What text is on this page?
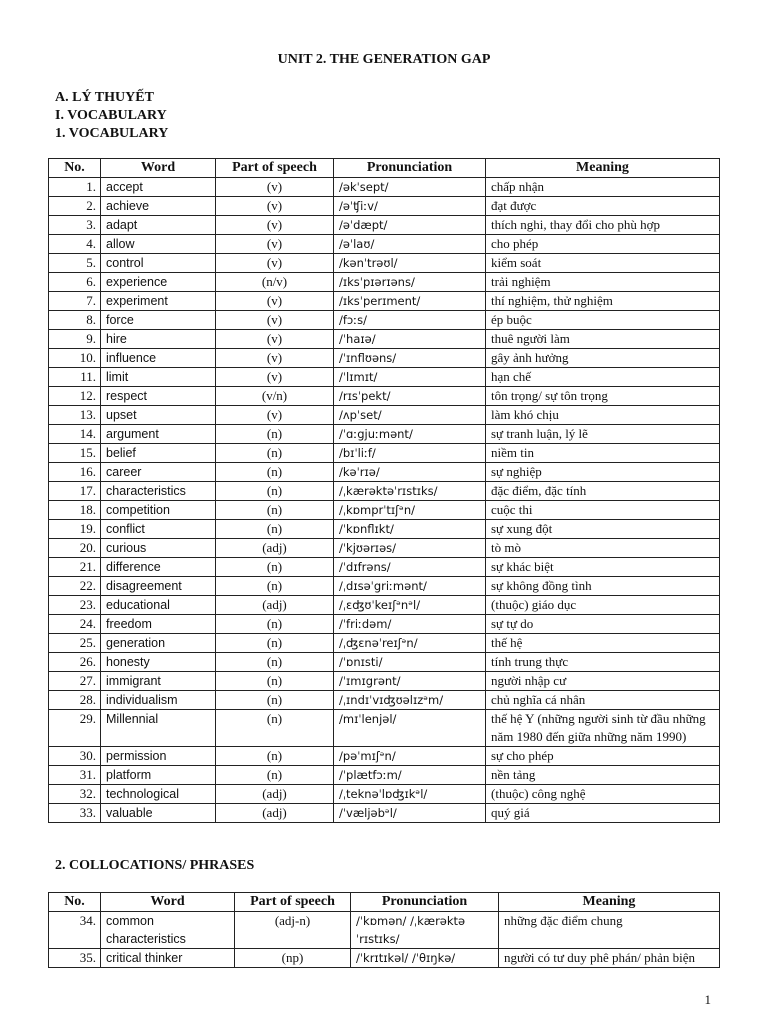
UNIT 2. THE GENERATION GAP
A. LÝ THUYẾT
I. VOCABULARY
1. VOCABULARY
No.	Word	Part of speech	Pronunciation	Meaning
1.	accept	(v)	/əkˈsept/	chấp nhận
2.	achieve	(v)	/əˈʧiːv/	đạt được
3.	adapt	(v)	/əˈdæpt/	thích nghi, thay đổi cho phù hợp
4.	allow	(v)	/əˈlaʊ/	cho phép
5.	control	(v)	/kənˈtrəʊl/	kiểm soát
6.	experience	(n/v)	/ɪksˈpɪərɪəns/	trải nghiệm
7.	experiment	(v)	/ɪksˈperɪment/	thí nghiệm, thử nghiệm
8.	force	(v)	/fɔːs/	ép buộc
9.	hire	(v)	/ˈhaɪə/	thuê người làm
10.	influence	(v)	/ˈɪnflʊəns/	gây ảnh hưởng
11.	limit	(v)	/ˈlɪmɪt/	hạn chế
12.	respect	(v/n)	/rɪsˈpekt/	tôn trọng/ sự tôn trọng
13.	upset	(v)	/ʌpˈset/	làm khó chịu
14.	argument	(n)	/ˈɑːgjuːmənt/	sự tranh luận, lý lẽ
15.	belief	(n)	/bɪˈliːf/	niềm tin
16.	career	(n)	/kəˈrɪə/	sự nghiệp
17.	characteristics	(n)	/ˌkærəktəˈrɪstɪks/	đặc điểm, đặc tính
18.	competition	(n)	/ˌkɒmprˈtɪʃᵊn/	cuộc thi
19.	conflict	(n)	/ˈkɒnflɪkt/	sự xung đột
20.	curious	(adj)	/ˈkjʊərɪəs/	tò mò
21.	difference	(n)	/ˈdɪfrəns/	sự khác biệt
22.	disagreement	(n)	/ˌdɪsəˈgriːmənt/	sự không đồng tình
23.	educational	(adj)	/ˌɛʤʊˈkeɪʃᵊnᵊl/	(thuộc) giáo dục
24.	freedom	(n)	/ˈfriːdəm/	sự tự do
25.	generation	(n)	/ˌʤɛnəˈreɪʃᵊn/	thế hệ
26.	honesty	(n)	/ˈɒnɪsti/	tính trung thực
27.	immigrant	(n)	/ˈɪmɪgrənt/	người nhập cư
28.	individualism	(n)	/ˌɪndɪˈvɪʤʊəlɪzᵊm/	chủ nghĩa cá nhân
29.	Millennial	(n)	/mɪˈlenjəl/	thế hệ Y (những người sinh từ đầu những năm 1980 đến giữa những năm 1990)
30.	permission	(n)	/pəˈmɪʃᵊn/	sự cho phép
31.	platform	(n)	/ˈplætfɔːm/	nền tảng
32.	technological	(adj)	/ˌteknəˈlɒʤɪkᵊl/	(thuộc) công nghệ
33.	valuable	(adj)	/ˈvæljəbᵊl/	quý giá
2. COLLOCATIONS/ PHRASES
No.	Word	Part of speech	Pronunciation	Meaning
34.	common characteristics	(adj-n)	/ˈkɒmən/ /ˌkærəktəˈrɪstɪks/	những đặc điểm chung
35.	critical thinker	(np)	/ˈkrɪtɪkəl/ /ˈθɪŋkə/	người có tư duy phê phán/ phản biện
1
